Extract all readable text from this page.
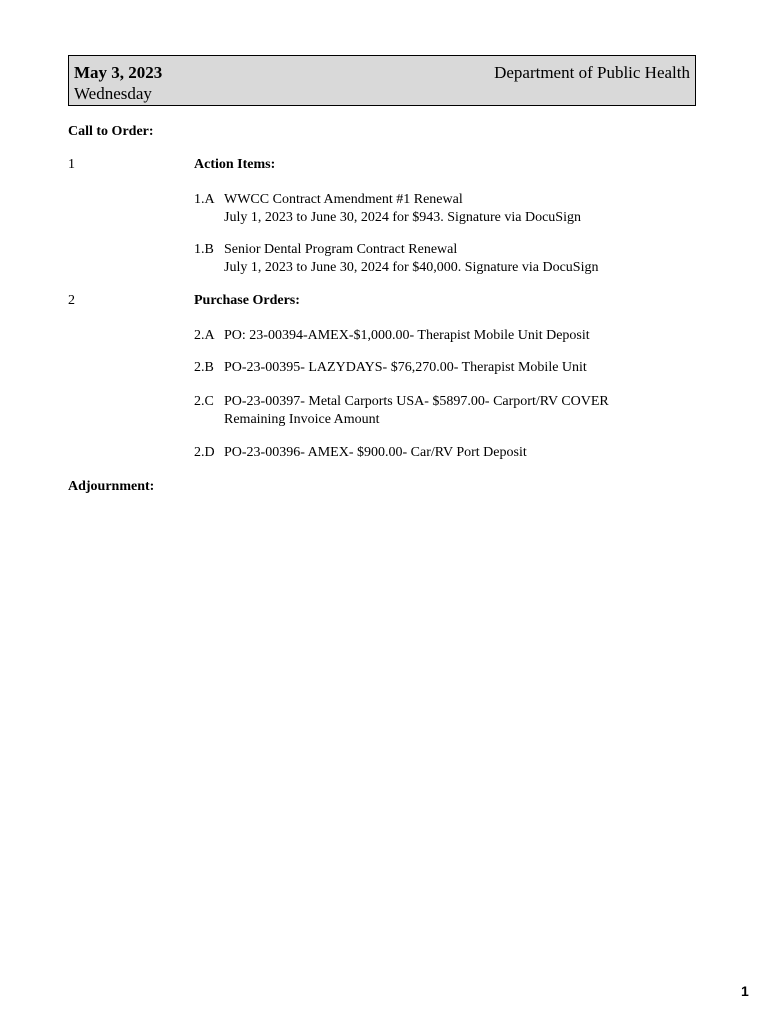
May 3, 2023
Wednesday
Department of Public Health
Call to Order:
1	Action Items:
1.A WWCC Contract Amendment #1 Renewal
July 1, 2023 to June 30, 2024 for $943. Signature via DocuSign
1.B Senior Dental Program Contract Renewal
July 1, 2023 to June 30, 2024 for $40,000. Signature via DocuSign
2	Purchase Orders:
2.A PO: 23-00394-AMEX-$1,000.00- Therapist Mobile Unit Deposit
2.B PO-23-00395- LAZYDAYS- $76,270.00- Therapist Mobile Unit
2.C PO-23-00397- Metal Carports USA- $5897.00- Carport/RV COVER
Remaining Invoice Amount
2.D PO-23-00396- AMEX- $900.00- Car/RV Port Deposit
Adjournment:
1
